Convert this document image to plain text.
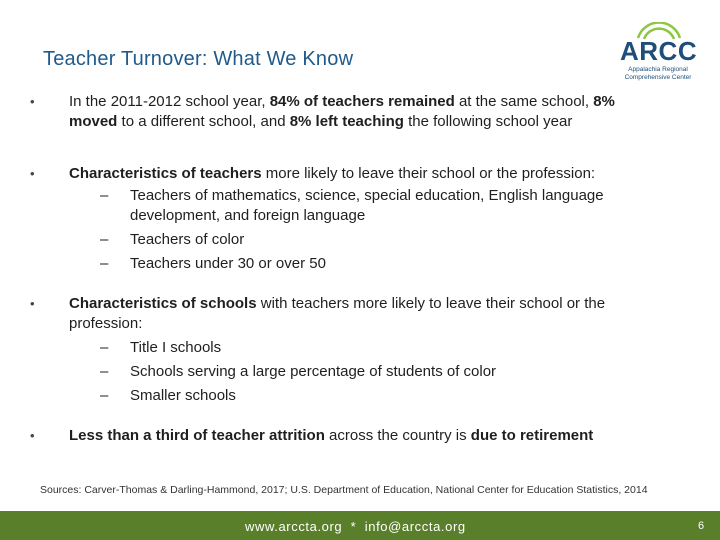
Teacher Turnover: What We Know	ARCC
Appalachia Regional Comprehensive Center
• In the 2011-2012 school year, 84% of teachers remained at the same school, 8%
moved to a different school, and 8% left teaching the following school year
• Characteristics of teachers more likely to leave their school or the profession:
– Teachers of mathematics, science, special education, English language
development, and foreign language
– Teachers of color
– Teachers under 30 or over 50
• Characteristics of schools with teachers more likely to leave their school or the
profession:
– Title I schools
– Schools serving a large percentage of students of color
– Smaller schools
• Less than a third of teacher attrition across the country is due to retirement
Sources: Carver-Thomas & Darling-Hammond, 2017; U.S. Department of Education, National Center for Education Statistics, 2014
www.arccta.org  *  info@arccta.org	6
